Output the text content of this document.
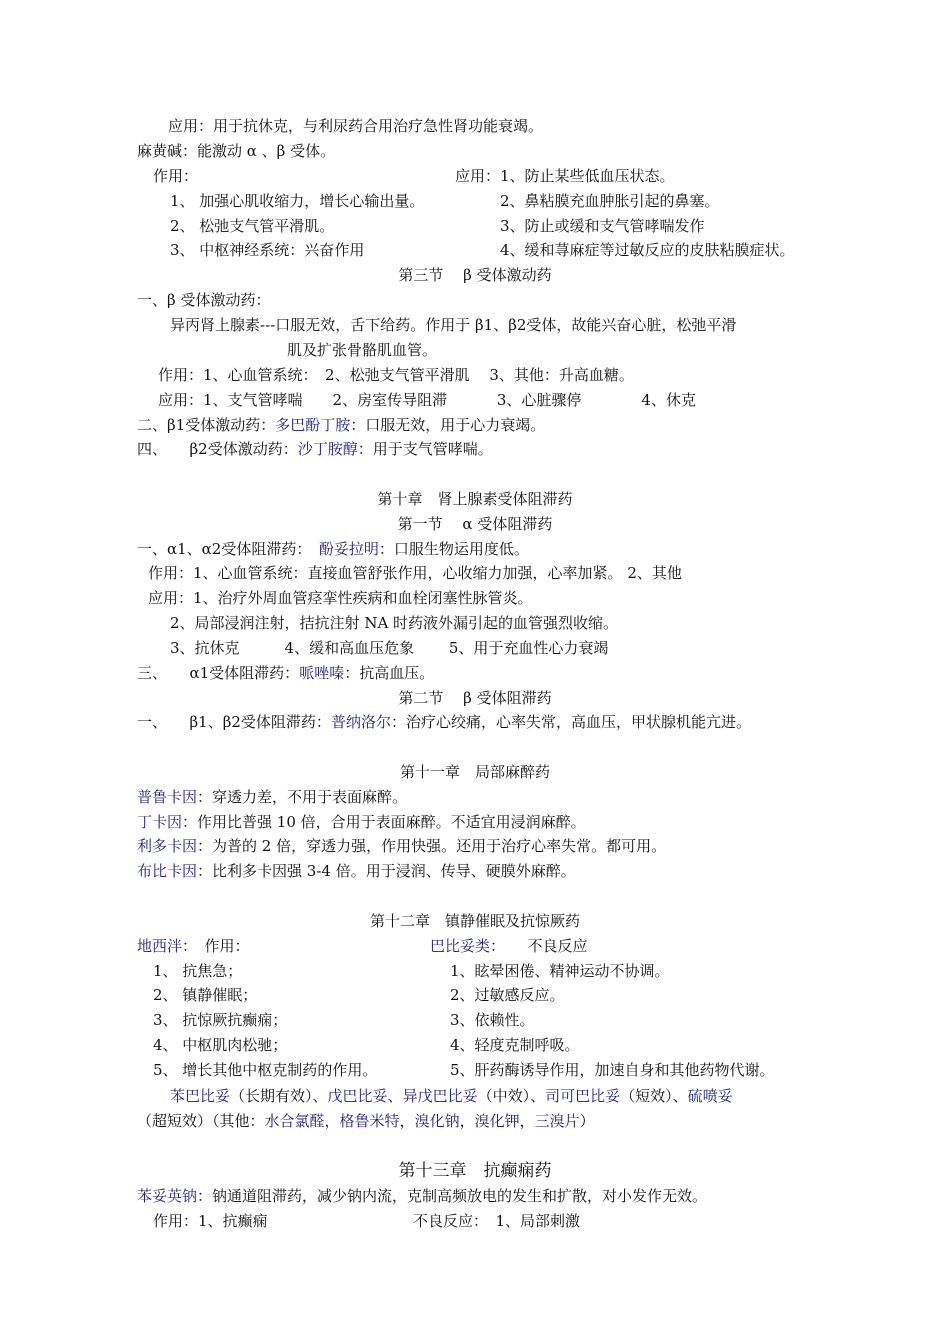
应用：用于抗休克，与利尿药合用治疗急性肾功能衰竭。
麻黄碱：能激动 α 、β 受体。
作用：	应用：1、防止某些低血压状态。
1、 加强心肌收缩力，增长心输出量。	2、鼻粘膜充血肿胀引起的鼻塞。
2、 松弛支气管平滑肌。	3、防止或缓和支气管哮喘发作
3、 中枢神经系统：兴奋作用	4、缓和荨麻症等过敏反应的皮肤粘膜症状。
第三节　 β 受体激动药
一、β 受体激动药：
异丙肾上腺素---口服无效，舌下给药。作用于 β1、β2受体，故能兴奋心脏，松弛平滑
肌及扩张骨骼肌血管。
作用：1、心血管系统：　2、松弛支气管平滑肌　 3、其他：升高血糖。
应用：1、支气管哮喘　　2、房室传导阻滞　　　 3、心脏骤停　　　　4、休克
二、β1受体激动药：多巴酚丁胺：口服无效，用于心力衰竭。
四、　　β2受体激动药：沙丁胺醇：用于支气管哮喘。
第十章　肾上腺素受体阻滞药
第一节　 α 受体阻滞药
一、α1、α2受体阻滞药：　酚妥拉明：口服生物运用度低。
作用：1、心血管系统：直接血管舒张作用，心收缩力加强，心率加紧。 2、其他
应用：1、治疗外周血管痉挛性疾病和血栓闭塞性脉管炎。
2、局部浸润注射，拮抗注射 NA 时药液外漏引起的血管强烈收缩。
3、抗休克　　　4、缓和高血压危象　　 5、用于充血性心力衰竭
三、　　α1受体阻滞药：哌唑嗪：抗高血压。
第二节　 β 受体阻滞药
一、　　β1、β2受体阻滞药：普纳洛尔：治疗心绞痛，心率失常，高血压，甲状腺机能亢进。
第十一章　局部麻醉药
普鲁卡因：穿透力差，不用于表面麻醉。
丁卡因：作用比普强 10 倍，合用于表面麻醉。不适宜用浸润麻醉。
利多卡因：为普的 2 倍，穿透力强，作用快强。还用于治疗心率失常。都可用。
布比卡因：比利多卡因强 3-4 倍。用于浸润、传导、硬膜外麻醉。
第十二章　镇静催眠及抗惊厥药
地西泮：　作用：	巴比妥类：　　不良反应
1、 抗焦急；	1、眩晕困倦、精神运动不协调。
2、 镇静催眠；	2、过敏感反应。
3、 抗惊厥抗癫痫；	3、依赖性。
4、 中枢肌肉松驰；	4、轻度克制呼吸。
5、 增长其他中枢克制药的作用。	5、肝药酶诱导作用，加速自身和其他药物代谢。
苯巴比妥（长期有效）、戊巴比妥、异戊巴比妥（中效）、司可巴比妥（短效）、硫喷妥
（超短效）（其他：水合氯醛，格鲁米特，溴化钠，溴化钾，三溴片）
第十三章　抗癫痫药
苯妥英钠：钠通道阻滞药，减少钠内流，克制高频放电的发生和扩散，对小发作无效。
作用：1、抗癫痫	不良反应：　1、局部刺激
